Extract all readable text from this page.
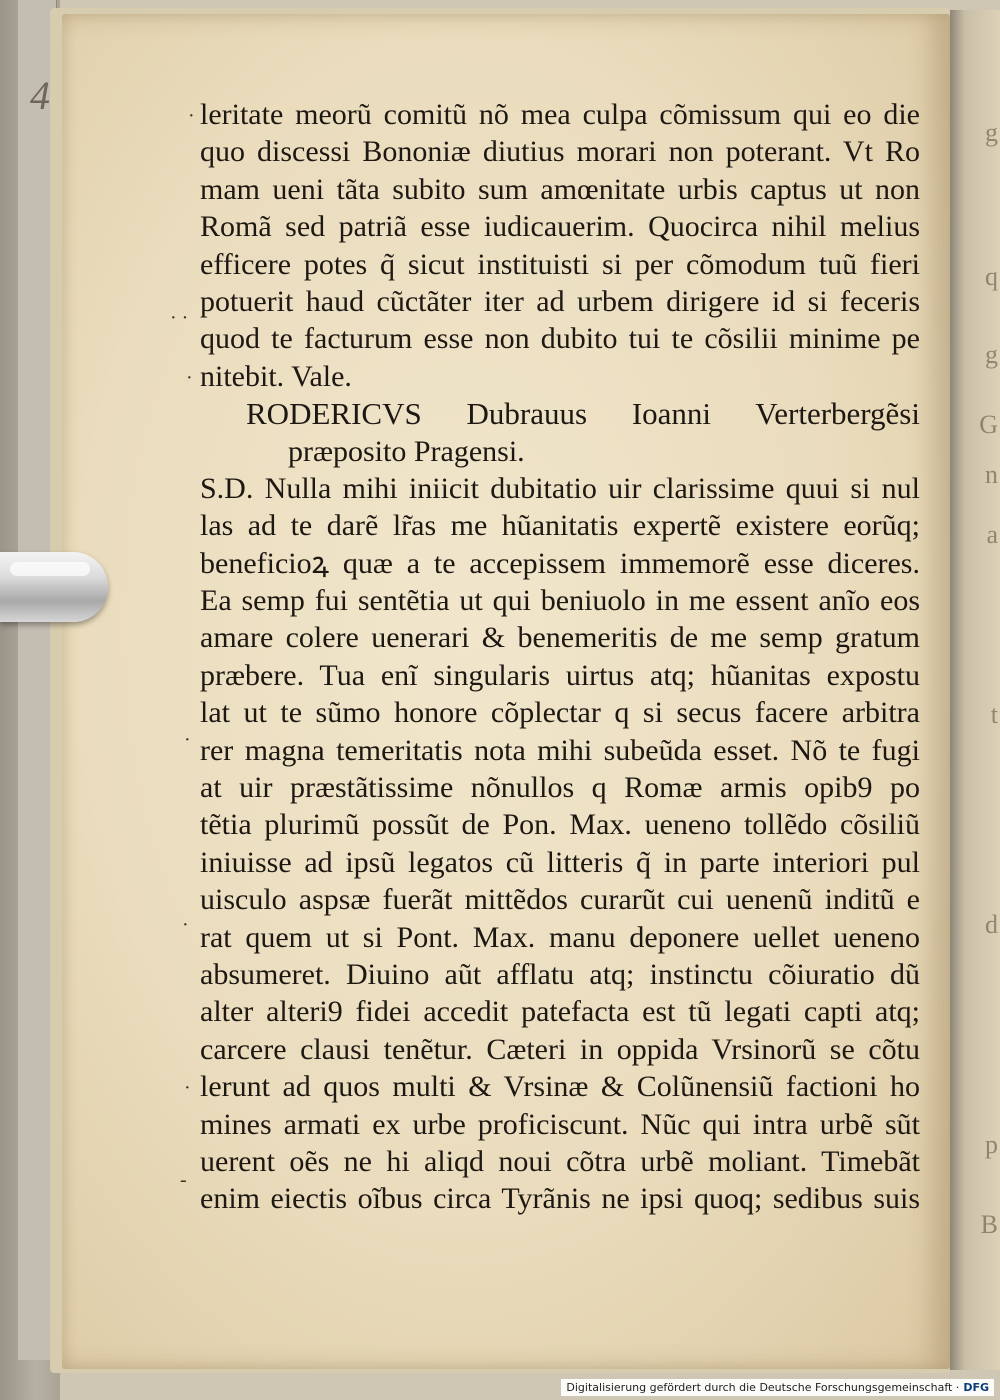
g
q
g
G
n
a
t
d
p
B
4	·
· ·
·
·
·
·
-
leritate meorũ comitũ nõ mea culpa cõmissum qui eo die
quo discessi Bononiæ diutius morari non poterant. Vt Ro
mam ueni tãta subito sum amœnitate urbis captus ut non
Romã sed patriã esse iudicauerim. Quocirca nihil melius
efficere potes q̃ sicut instituisti si per cõmodum tuũ fieri
potuerit haud cũctãter iter ad urbem dirigere id si feceris
quod te facturum esse non dubito tui te cõsilii minime pe
nitebit. Vale.
RODERICVS Dubrauus Ioanni Verterbergẽsi
præposito Pragensi.
S.D. Nulla mihi iniicit dubitatio uir clarissime quui si nul
las ad te darẽ lr̃as me hũanitatis expertẽ existere eorũq;
beneficioꝝ quæ a te accepissem immemorẽ esse diceres.
Ea semp fui sentẽtia ut qui beniuolo in me essent anĩo eos
amare colere uenerari & benemeritis de me semp gratum
præbere. Tua enĩ singularis uirtus atq; hũanitas expostu
lat ut te sũmo honore cõplectar q si secus facere arbitra
rer magna temeritatis nota mihi subeũda esset. Nõ te fugi
at uir præstãtissime nõnullos q Romæ armis opib9 po
tẽtia plurimũ possũt de Pon. Max. ueneno tollẽdo cõsiliũ
iniuisse ad ipsũ legatos cũ litteris q̃ in parte interiori pul
uisculo aspsæ fuerãt mittẽdos curarũt cui uenenũ inditũ e
rat quem ut si Pont. Max. manu deponere uellet ueneno
absumeret. Diuino aũt afflatu atq; instinctu cõiuratio dũ
alter alteri9 fidei accedit patefacta est tũ legati capti atq;
carcere clausi tenẽtur. Cæteri in oppida Vrsinorũ se cõtu
lerunt ad quos multi & Vrsinæ & Colũnensiũ factioni ho
mines armati ex urbe proficiscunt. Nũc qui intra urbẽ sũt
uerent oẽs ne hi aliqd noui cõtra urbẽ moliant. Timebãt
enim eiectis oĩbus circa Tyrãnis ne ipsi quoq; sedibus suis
Digitalisierung gefördert durch die Deutsche Forschungsgemeinschaft · DFG
